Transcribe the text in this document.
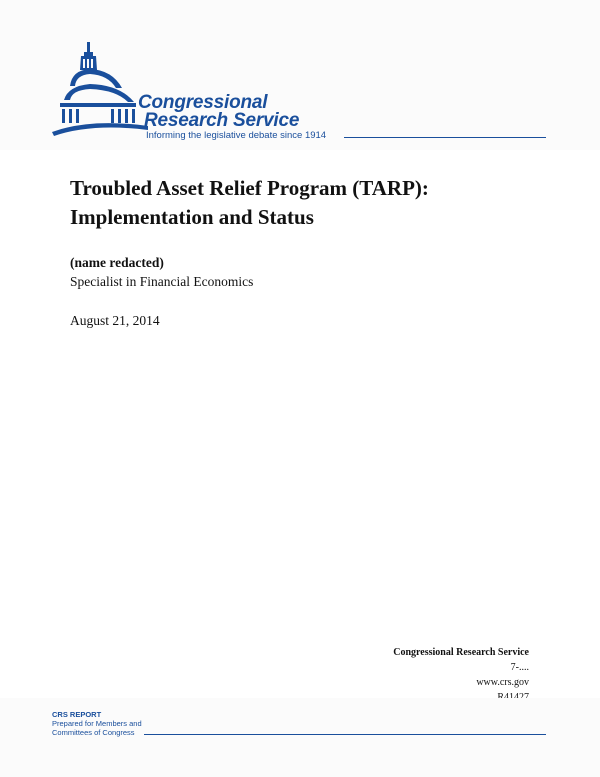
Congressional
Research Service
Informing the legislative debate since 1914
Troubled Asset Relief Program (TARP): Implementation and Status
(name redacted)
Specialist in Financial Economics
August 21, 2014
Congressional Research Service
7-....
www.crs.gov
CRS REPORT
Prepared for Members and
Committees of Congress
